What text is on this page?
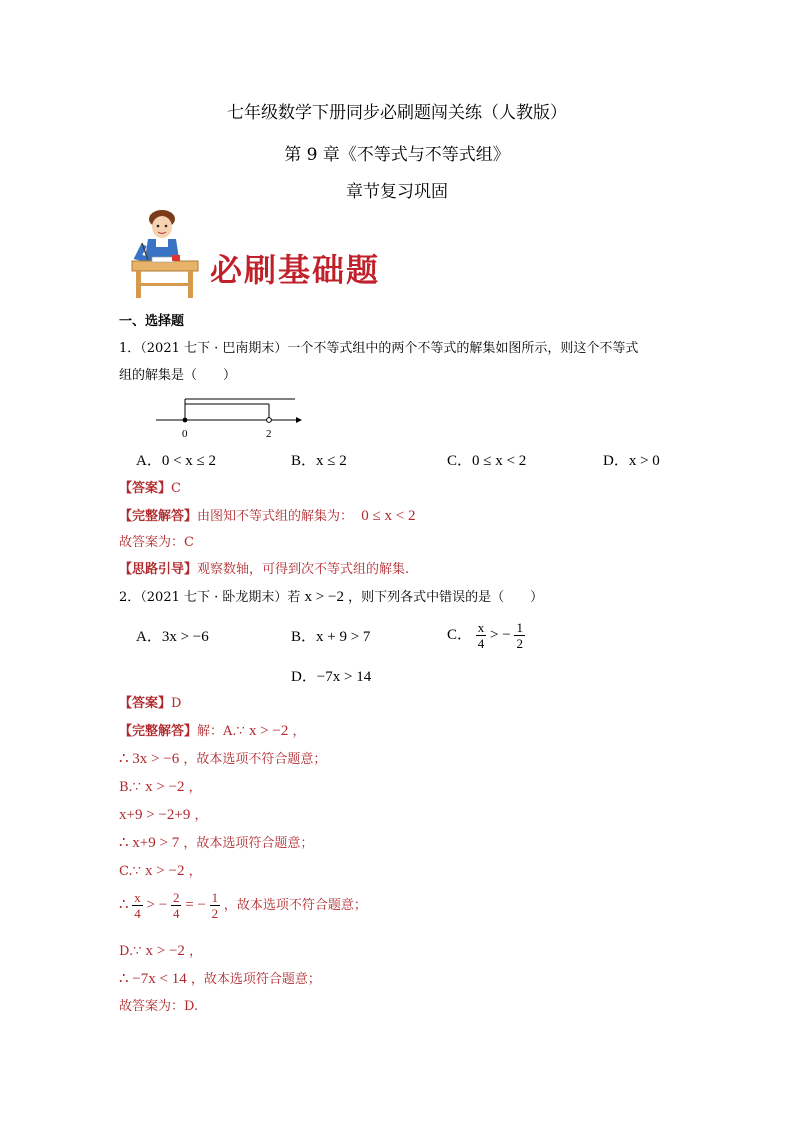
七年级数学下册同步必刷题闯关练（人教版）
第 9 章《不等式与不等式组》
章节复习巩固
必刷基础题
一、选择题
1．（2021 七下 · 巴南期末）一个不等式组中的两个不等式的解集如图所示，则这个不等式
组的解集是（　　）
0	2
A．0 < x ≤ 2	B．x ≤ 2	C．0 ≤ x < 2	D．x > 0
【答案】C
【完整解答】由图知不等式组的解集为： 0 ≤ x < 2
故答案为：C
【思路引导】观察数轴，可得到次不等式组的解集.
2．（2021 七下 · 卧龙期末）若 x > −2 ，则下列各式中错误的是（　　）
A．3x > −6	B．x + 9 > 7	C． $\frac{x}{4}$ > − $\frac{1}{2}$
D．−7x > 14
【答案】D
【完整解答】解：A.∵ x > −2 ，
∴ 3x > −6 ，故本选项不符合题意；
B.∵ x > −2 ，
x+9 > −2+9 ，
∴ x+9 > 7 ，故本选项符合题意；
C.∵ x > −2 ，
∴ $\frac{x}{4}$ > − $\frac{2}{4}$ = − $\frac{1}{2}$ ，故本选项不符合题意；
D.∵ x > −2 ，
∴ −7x < 14 ，故本选项符合题意；
故答案为：D.
